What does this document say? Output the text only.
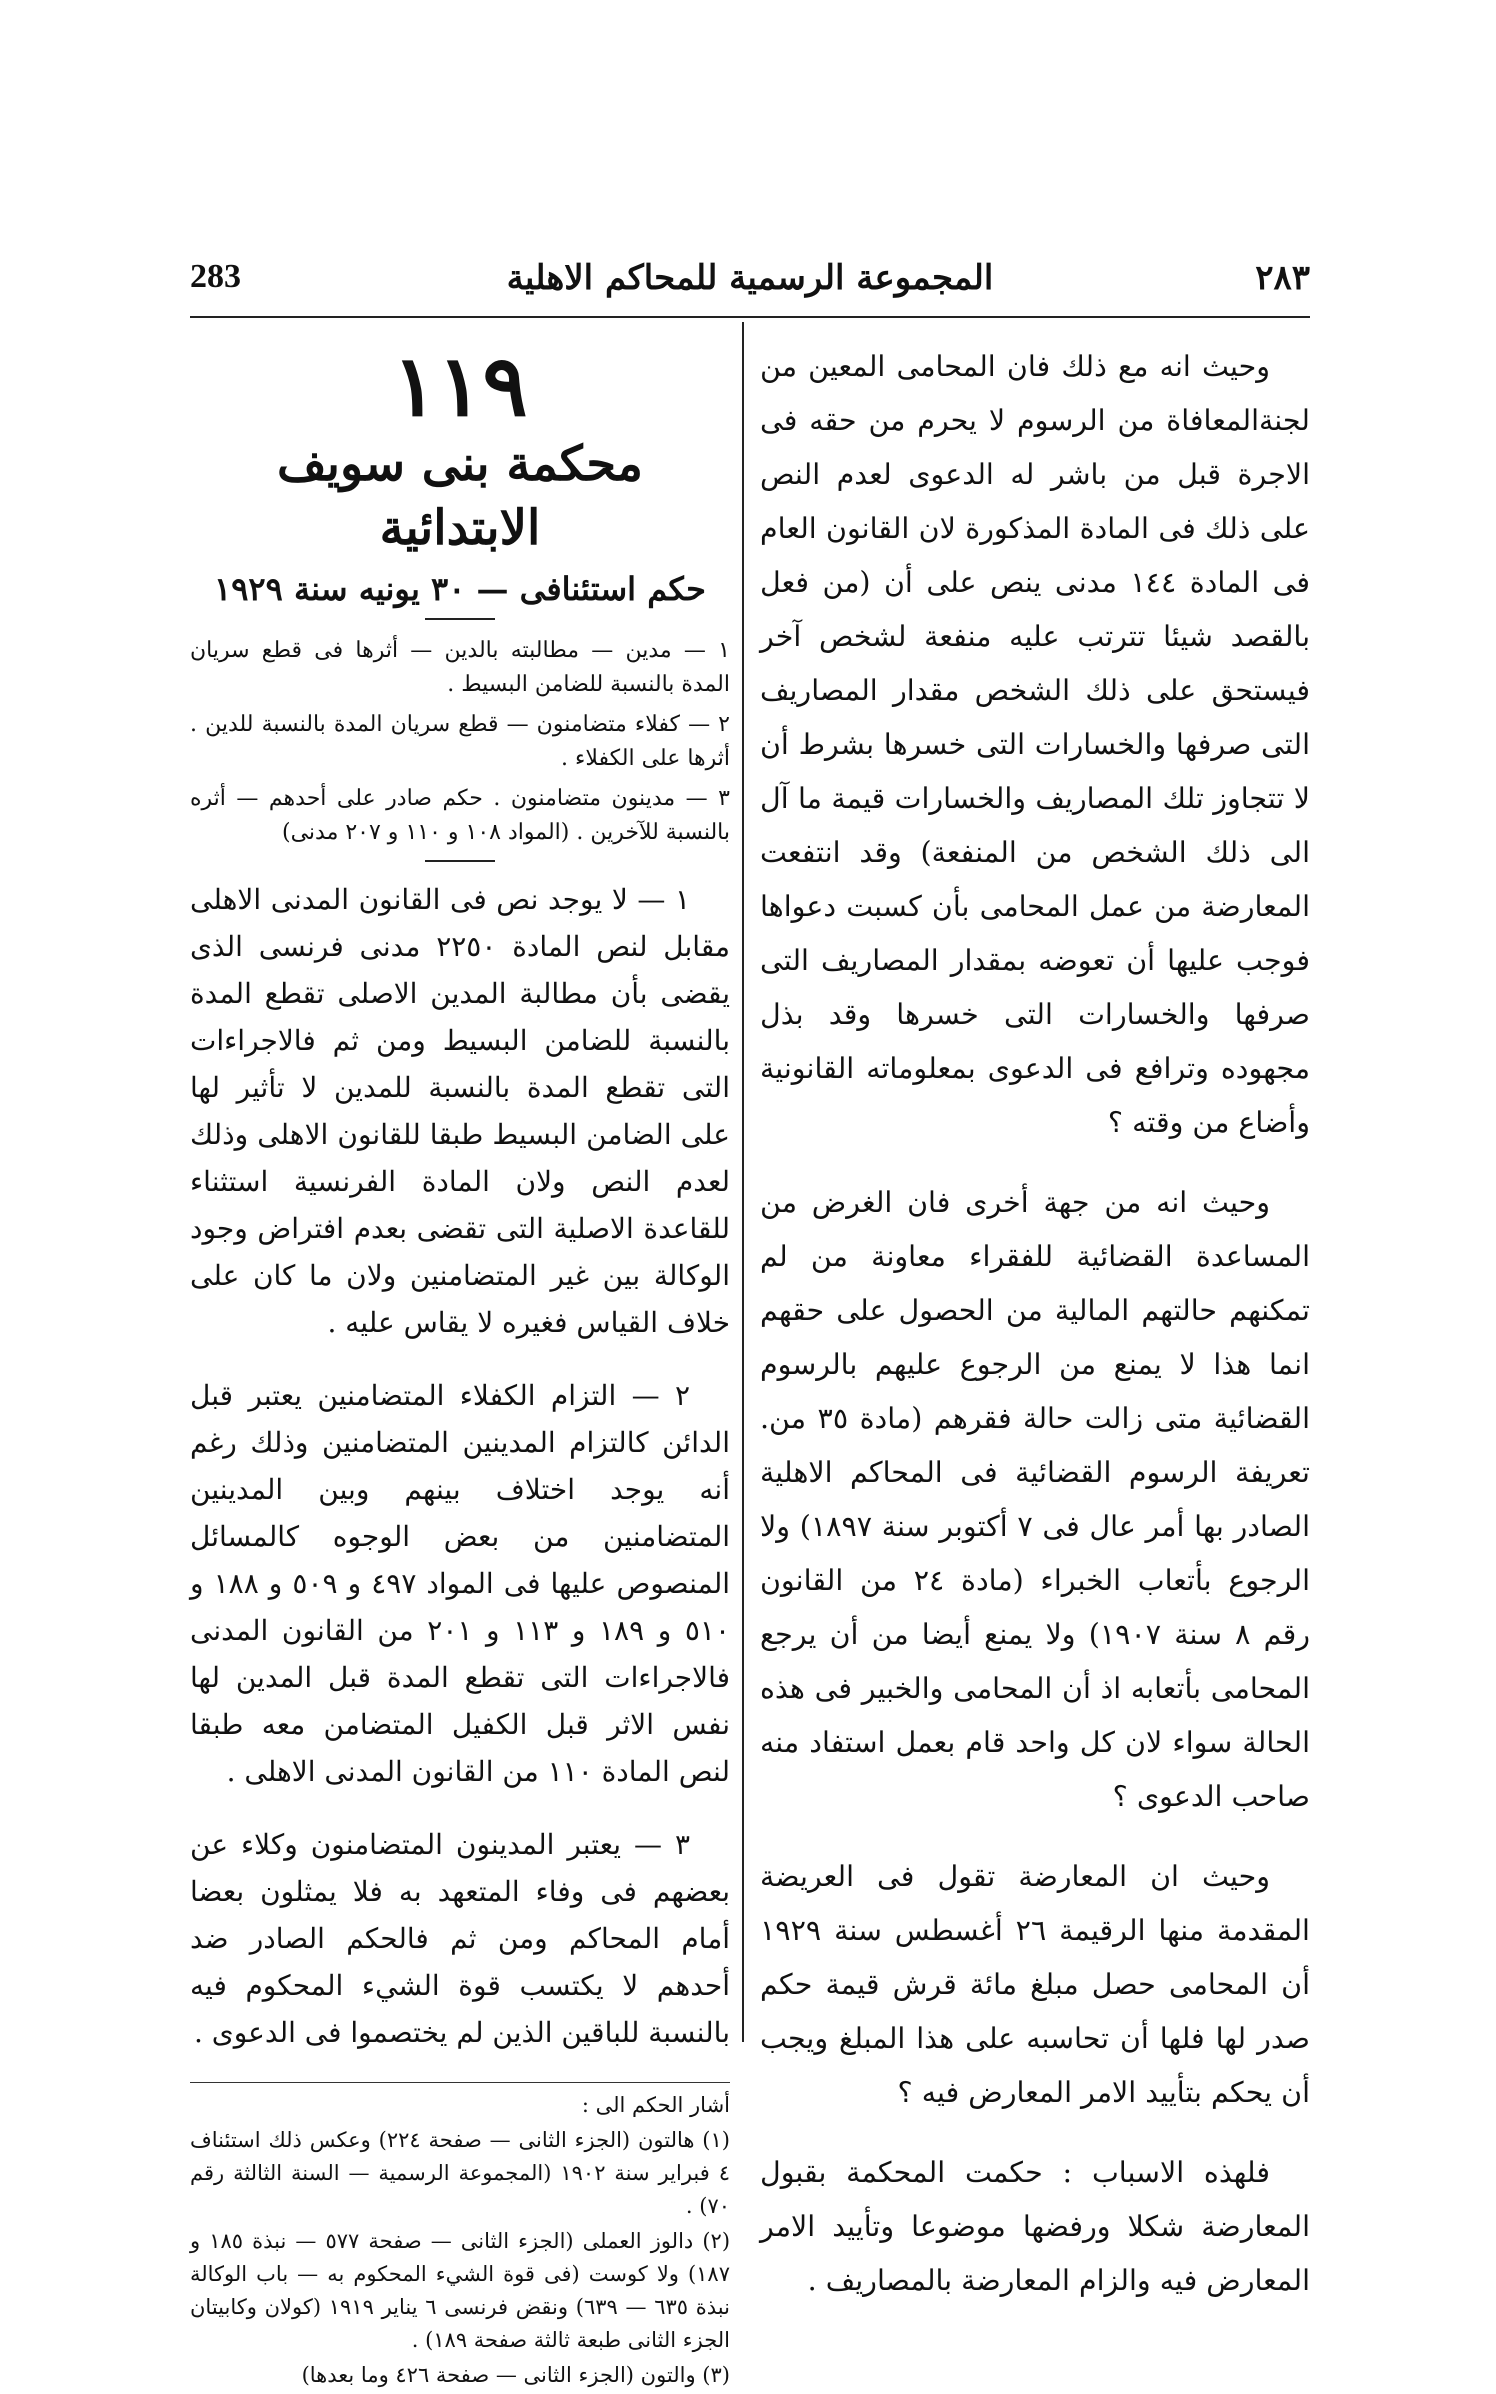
٢٨٣
المجموعة الرسمية للمحاكم الاهلية
283

وحيث انه مع ذلك فان المحامى المعين من لجنةالمعافاة من الرسوم لا يحرم من حقه فى الاجرة قبل من باشر له الدعوى لعدم النص على ذلك فى المادة المذكورة لان القانون العام فى المادة ١٤٤ مدنى ينص على أن (من فعل بالقصد شيئا تترتب عليه منفعة لشخص آخر فيستحق على ذلك الشخص مقدار المصاريف التى صرفها والخسارات التى خسرها بشرط أن لا تتجاوز تلك المصاريف والخسارات قيمة ما آل الى ذلك الشخص من المنفعة) وقد انتفعت المعارضة من عمل المحامى بأن كسبت دعواها فوجب عليها أن تعوضه بمقدار المصاريف التى صرفها والخسارات التى خسرها وقد بذل مجهوده وترافع فى الدعوى بمعلوماته القانونية وأضاع من وقته ؟

وحيث انه من جهة أخرى فان الغرض من المساعدة القضائية للفقراء معاونة من لم تمكنهم حالتهم المالية من الحصول على حقهم انما هذا لا يمنع من الرجوع عليهم بالرسوم القضائية متى زالت حالة فقرهم (مادة ٣٥ من. تعريفة الرسوم القضائية فى المحاكم الاهلية الصادر بها أمر عال فى ٧ أكتوبر سنة ١٨٩٧) ولا الرجوع بأتعاب الخبراء (مادة ٢٤ من القانون رقم ٨ سنة ١٩٠٧) ولا يمنع أيضا من أن يرجع المحامى بأتعابه اذ أن المحامى والخبير فى هذه الحالة سواء لان كل واحد قام بعمل استفاد منه صاحب الدعوى ؟

وحيث ان المعارضة تقول فى العريضة المقدمة منها الرقيمة ٢٦ أغسطس سنة ١٩٢٩ أن المحامى حصل مبلغ مائة قرش قيمة حكم صدر لها فلها أن تحاسبه على هذا المبلغ ويجب أن يحكم بتأييد الامر المعارض فيه ؟

فلهذه الاسباب : حكمت المحكمة بقبول المعارضة شكلا ورفضها موضوعا وتأييد الامر المعارض فيه والزام المعارضة بالمصاريف .

١١٩
محكمة بنى سويف الابتدائية
حكم استئنافى — ٣٠ يونيه سنة ١٩٢٩
١ — مدين — مطالبته بالدين — أثرها فى قطع سريان المدة بالنسبة للضامن البسيط .
٢ — كفلاء متضامنون — قطع سريان المدة بالنسبة للدين . أثرها على الكفلاء .
٣ — مدينون متضامنون . حكم صادر على أحدهم — أثره بالنسبة للآخرين . (المواد ١٠٨ و ١١٠ و ٢٠٧ مدنى)

١ — لا يوجد نص فى القانون المدنى الاهلى مقابل لنص المادة ٢٢٥٠ مدنى فرنسى الذى يقضى بأن مطالبة المدين الاصلى تقطع المدة بالنسبة للضامن البسيط ومن ثم فالاجراءات التى تقطع المدة بالنسبة للمدين لا تأثير لها على الضامن البسيط طبقا للقانون الاهلى وذلك لعدم النص ولان المادة الفرنسية استثناء للقاعدة الاصلية التى تقضى بعدم افتراض وجود الوكالة بين غير المتضامنين ولان ما كان على خلاف القياس فغيره لا يقاس عليه .

٢ — التزام الكفلاء المتضامنين يعتبر قبل الدائن كالتزام المدينين المتضامنين وذلك رغم أنه يوجد اختلاف بينهم وبين المدينين المتضامنين من بعض الوجوه كالمسائل المنصوص عليها فى المواد ٤٩٧ و ٥٠٩ و ١٨٨ و ٥١٠ و ١٨٩ و ١١٣ و ٢٠١ من القانون المدنى فالاجراءات التى تقطع المدة قبل المدين لها نفس الاثر قبل الكفيل المتضامن معه طبقا لنص المادة ١١٠ من القانون المدنى الاهلى .

٣ — يعتبر المدينون المتضامنون وكلاء عن بعضهم فى وفاء المتعهد به فلا يمثلون بعضا أمام المحاكم ومن ثم فالحكم الصادر ضد أحدهم لا يكتسب قوة الشيء المحكوم فيه بالنسبة للباقين الذين لم يختصموا فى الدعوى .

أشار الحكم الى :
(١) هالتون (الجزء الثانى — صفحة ٢٢٤) وعكس ذلك استئناف ٤ فبراير سنة ١٩٠٢ (المجموعة الرسمية — السنة الثالثة رقم ٧٠) .
(٢) دالوز العملى (الجزء الثانى — صفحة ٥٧٧ — نبذة ١٨٥ و ١٨٧) ولا كوست (فى قوة الشيء المحكوم به — باب الوكالة نبذة ٦٣٥ — ٦٣٩) ونقض فرنسى ٦ يناير ١٩١٩ (كولان وكابيتان الجزء الثانى طبعة ثالثة صفحة ١٨٩) .
(٣) والتون (الجزء الثانى — صفحة ٤٢٦ وما بعدها)
